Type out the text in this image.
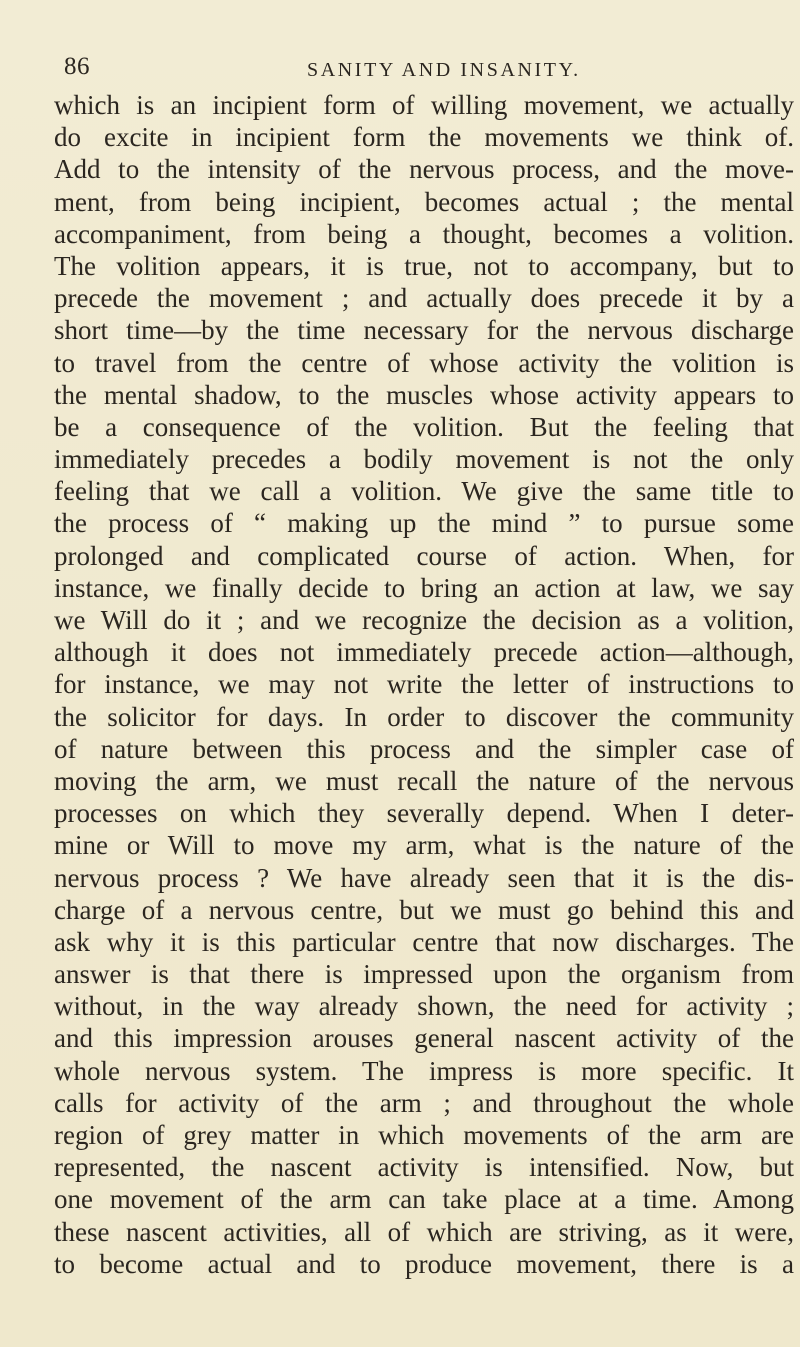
86	SANITY AND INSANITY.
which is an incipient form of willing movement, we actually
do excite in incipient form the movements we think of.
Add to the intensity of the nervous process, and the move-
ment, from being incipient, becomes actual ; the mental
accompaniment, from being a thought, becomes a volition.
The volition appears, it is true, not to accompany, but to
precede the movement ; and actually does precede it by a
short time—by the time necessary for the nervous discharge
to travel from the centre of whose activity the volition is
the mental shadow, to the muscles whose activity appears to
be a consequence of the volition. But the feeling that
immediately precedes a bodily movement is not the only
feeling that we call a volition. We give the same title to
the process of “ making up the mind ” to pursue some
prolonged and complicated course of action. When, for
instance, we finally decide to bring an action at law, we say
we Will do it ; and we recognize the decision as a volition,
although it does not immediately precede action—although,
for instance, we may not write the letter of instructions to
the solicitor for days. In order to discover the community
of nature between this process and the simpler case of
moving the arm, we must recall the nature of the nervous
processes on which they severally depend. When I deter-
mine or Will to move my arm, what is the nature of the
nervous process ? We have already seen that it is the dis-
charge of a nervous centre, but we must go behind this and
ask why it is this particular centre that now discharges. The
answer is that there is impressed upon the organism from
without, in the way already shown, the need for activity ;
and this impression arouses general nascent activity of the
whole nervous system. The impress is more specific. It
calls for activity of the arm ; and throughout the whole
region of grey matter in which movements of the arm are
represented, the nascent activity is intensified. Now, but
one movement of the arm can take place at a time. Among
these nascent activities, all of which are striving, as it were,
to become actual and to produce movement, there is a
